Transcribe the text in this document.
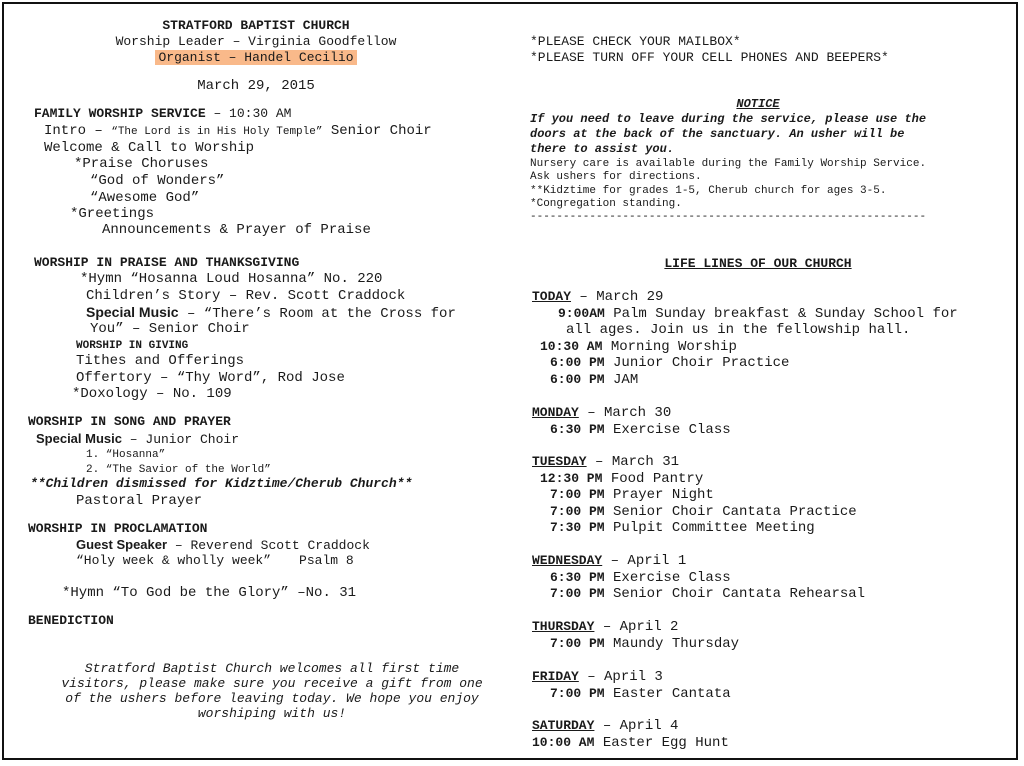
STRATFORD BAPTIST CHURCH
Worship Leader – Virginia Goodfellow
Organist – Handel Cecilio
March 29, 2015
FAMILY WORSHIP SERVICE – 10:30 AM
Intro – “The Lord is in His Holy Temple” Senior Choir
Welcome & Call to Worship
*Praise Choruses
“God of Wonders”
“Awesome God”
*Greetings
Announcements & Prayer of Praise
WORSHIP IN PRAISE AND THANKSGIVING
*Hymn “Hosanna Loud Hosanna” No. 220
Children’s Story – Rev. Scott Craddock
Special Music – “There’s Room at the Cross for
You” – Senior Choir
WORSHIP IN GIVING
Tithes and Offerings
Offertory – “Thy Word”, Rod Jose
*Doxology – No. 109
WORSHIP IN SONG AND PRAYER
Special Music – Junior Choir
1. “Hosanna”
2. “The Savior of the World”
**Children dismissed for Kidztime/Cherub Church**
Pastoral Prayer
WORSHIP IN PROCLAMATION
Guest Speaker – Reverend Scott Craddock
“Holy week & wholly week” Psalm 8
*Hymn “To God be the Glory” –No. 31
BENEDICTION
Stratford Baptist Church welcomes all first time
visitors, please make sure you receive a gift from one
of the ushers before leaving today. We hope you enjoy
worshiping with us!
*PLEASE CHECK YOUR MAILBOX*
*PLEASE TURN OFF YOUR CELL PHONES AND BEEPERS*
NOTICE
If you need to leave during the service, please use the
doors at the back of the sanctuary. An usher will be
there to assist you.
Nursery care is available during the Family Worship Service.
Ask ushers for directions.
**Kidztime for grades 1-5, Cherub church for ages 3-5.
*Congregation standing.
------------------------------------------------------------
LIFE LINES OF OUR CHURCH
TODAY – March 29
9:00AM Palm Sunday breakfast & Sunday School for
all ages. Join us in the fellowship hall.
10:30 AM Morning Worship
6:00 PM Junior Choir Practice
6:00 PM JAM
MONDAY – March 30
6:30 PM Exercise Class
TUESDAY – March 31
12:30 PM Food Pantry
7:00 PM Prayer Night
7:00 PM Senior Choir Cantata Practice
7:30 PM Pulpit Committee Meeting
WEDNESDAY – April 1
6:30 PM Exercise Class
7:00 PM Senior Choir Cantata Rehearsal
THURSDAY – April 2
7:00 PM Maundy Thursday
FRIDAY – April 3
7:00 PM Easter Cantata
SATURDAY – April 4
10:00 AM Easter Egg Hunt
